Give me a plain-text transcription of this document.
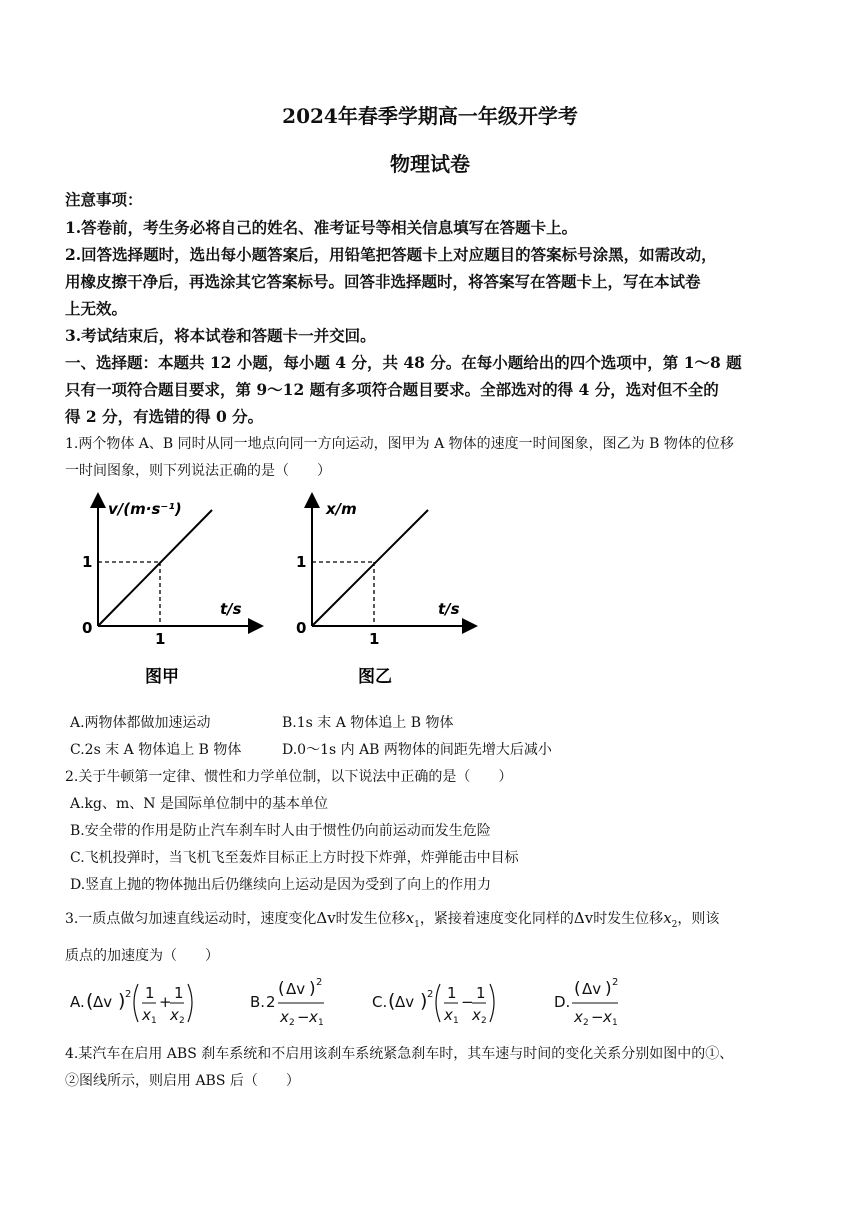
2024年春季学期高一年级开学考
物理试卷
注意事项：
1.答卷前，考生务必将自己的姓名、准考证号等相关信息填写在答题卡上。
2.回答选择题时，选出每小题答案后，用铅笔把答题卡上对应题目的答案标号涂黑，如需改动，
用橡皮擦干净后，再选涂其它答案标号。回答非选择题时，将答案写在答题卡上，写在本试卷
上无效。
3.考试结束后，将本试卷和答题卡一并交回。
一、选择题：本题共 12 小题，每小题 4 分，共 48 分。在每小题给出的四个选项中，第 1～8 题
只有一项符合题目要求，第 9～12 题有多项符合题目要求。全部选对的得 4 分，选对但不全的
得 2 分，有选错的得 0 分。
1.两个物体 A、B 同时从同一地点向同一方向运动，图甲为 A 物体的速度一时间图象，图乙为 B 物体的位移
一时间图象，则下列说法正确的是（　　）
v/(m·s⁻¹)
t/s
0
1
1
图甲
x/m
t/s
0
1
1
图乙
A.两物体都做加速运动	B.1s 末 A 物体追上 B 物体
C.2s 末 A 物体追上 B 物体	D.0～1s 内 AB 两物体的间距先增大后减小
2.关于牛顿第一定律、惯性和力学单位制，以下说法中正确的是（　　）
A.kg、m、N 是国际单位制中的基本单位
B.安全带的作用是防止汽车刹车时人由于惯性仍向前运动而发生危险
C.飞机投弹时，当飞机飞至轰炸目标正上方时投下炸弹，炸弹能击中目标
D.竖直上抛的物体抛出后仍继续向上运动是因为受到了向上的作用力
3.一质点做匀加速直线运动时，速度变化Δv时发生位移$x_1$，紧接着速度变化同样的Δv时发生位移$x_2$，则该
质点的加速度为（　　）
A. ( Δv ) 2 1
x 1
+ 1
x 2
B. 2
( Δv ) 2
x 2 − x 1
C. ( Δv ) 2 1
x 1
− 1
x 2
D.
( Δv ) 2
x 2 − x 1
4.某汽车在启用 ABS 刹车系统和不启用该刹车系统紧急刹车时，其车速与时间的变化关系分别如图中的①、
②图线所示，则启用 ABS 后（　　）
